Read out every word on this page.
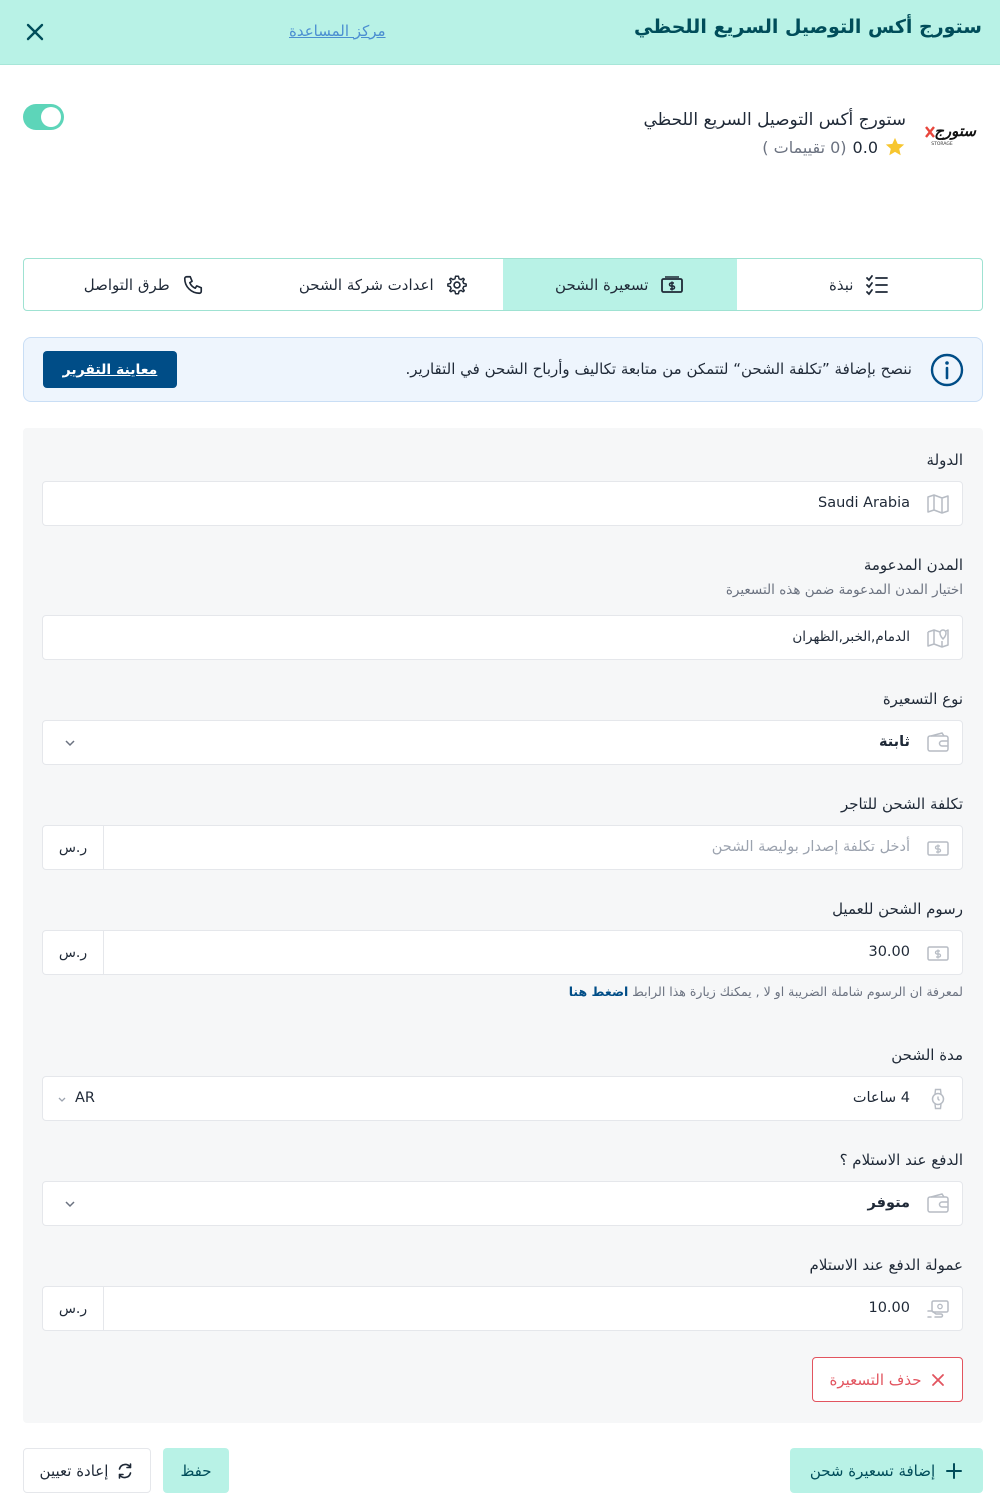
ستورج أكس التوصيل السريع اللحظي
ستورج
STORAGE
ستورج أكس التوصيل السريع اللحظي
0.0
(0 تقييمات )
نبذة
تسعيرة الشحن
اعدادت شركة الشحن
طرق التواصل
ننصح بإضافة ”تكلفة الشحن“ لتتمكن من متابعة تكاليف وأرباح الشحن في التقارير.
مركز المساعدة
معاينة التقرير
الدولة
Saudi Arabia
المدن المدعومة
اختيار المدن المدعومة ضمن هذه التسعيرة
الدمام,الخبر,الظهران
نوع التسعيرة
ثابتة
تكلفة الشحن للتاجر
أدخل تكلفة إصدار بوليصة الشحن
ر.س
رسوم الشحن للعميل
30.00
ر.س
لمعرفة ان الرسوم شاملة الضريبة او لا , يمكنك زيارة هذا الرابط اضغط هنا
مدة الشحن
4 ساعات
AR
الدفع عند الاستلام ؟
متوفر
عمولة الدفع عند الاستلام
10.00
ر.س
حذف التسعيرة
إضافة تسعيرة شحن
حفظ
إعادة تعيين
